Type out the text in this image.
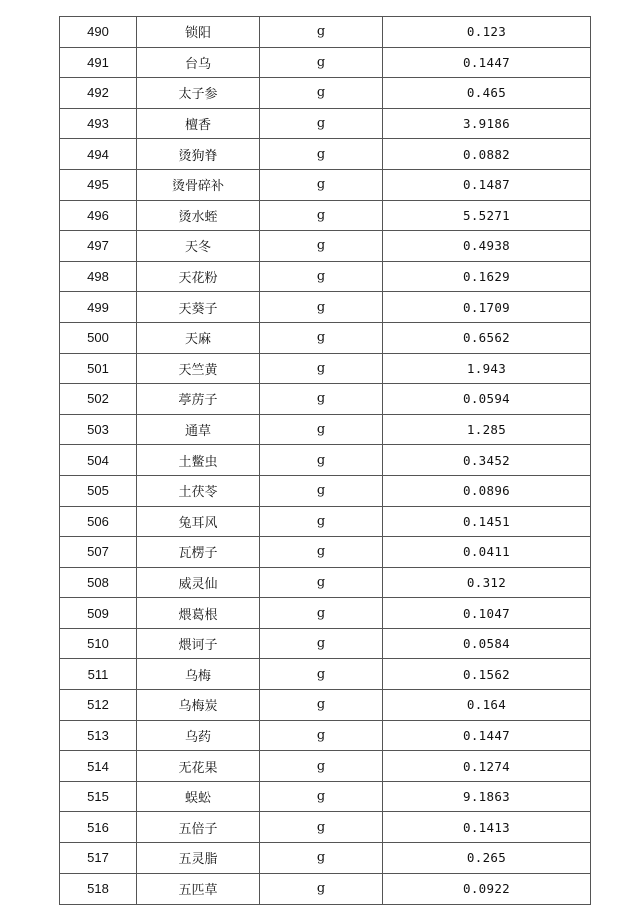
490	锁阳	g	0.123
491	台乌	g	0.1447
492	太子参	g	0.465
493	檀香	g	3.9186
494	烫狗脊	g	0.0882
495	烫骨碎补	g	0.1487
496	烫水蛭	g	5.5271
497	天冬	g	0.4938
498	天花粉	g	0.1629
499	天葵子	g	0.1709
500	天麻	g	0.6562
501	天竺黄	g	1.943
502	葶苈子	g	0.0594
503	通草	g	1.285
504	土鳖虫	g	0.3452
505	土茯苓	g	0.0896
506	兔耳风	g	0.1451
507	瓦楞子	g	0.0411
508	威灵仙	g	0.312
509	煨葛根	g	0.1047
510	煨诃子	g	0.0584
511	乌梅	g	0.1562
512	乌梅炭	g	0.164
513	乌药	g	0.1447
514	无花果	g	0.1274
515	蜈蚣	g	9.1863
516	五倍子	g	0.1413
517	五灵脂	g	0.265
518	五匹草	g	0.0922
